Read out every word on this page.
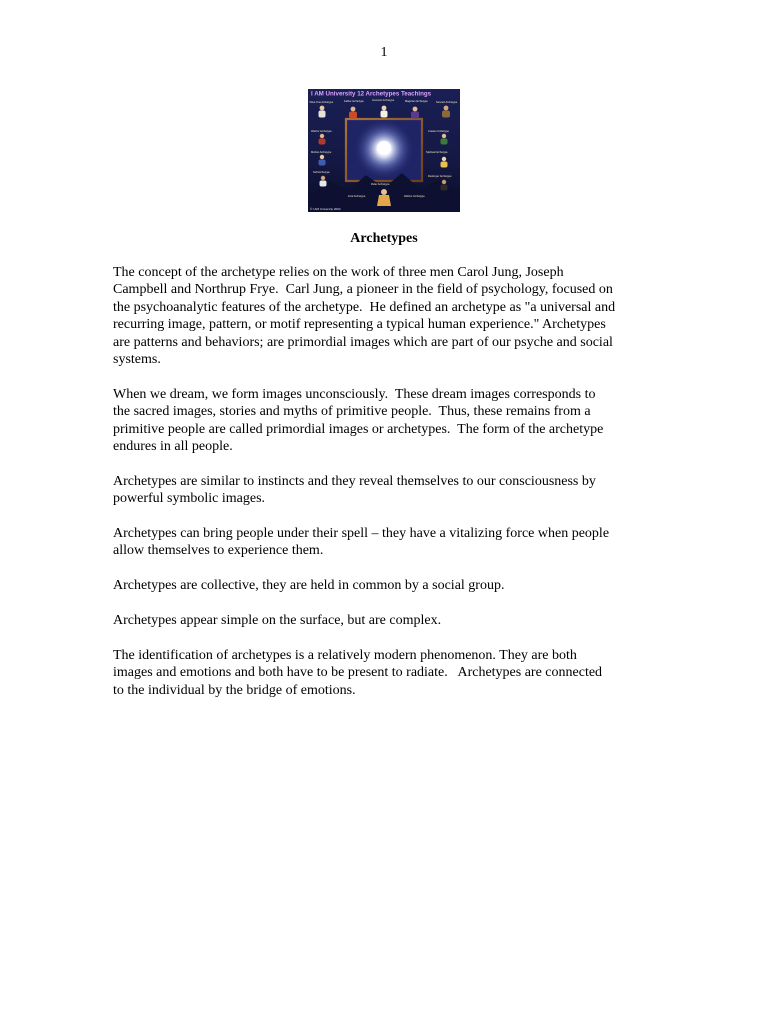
1
I AM University 12 Archetypes Teachings
Wise One Archetype	Father Archetype	Innocent Archetype	Magician Archetype	Servant Archetype
Warrior Archetype
Mother Archetype
Self Archetype
Creator Archetype
Spiritual Archetype
Destroyer Archetype
Ruler Archetype
Fool Archetype	Warrior Archetype
© I AM University 2004
Archetypes

The concept of the archetype relies on the work of three men Carol Jung, Joseph
Campbell and Northrup Frye.  Carl Jung, a pioneer in the field of psychology, focused on
the psychoanalytic features of the archetype.  He defined an archetype as "a universal and
recurring image, pattern, or motif representing a typical human experience." Archetypes
are patterns and behaviors; are primordial images which are part of our psyche and social
systems.

When we dream, we form images unconsciously.  These dream images corresponds to
the sacred images, stories and myths of primitive people.  Thus, these remains from a
primitive people are called primordial images or archetypes.  The form of the archetype
endures in all people.

Archetypes are similar to instincts and they reveal themselves to our consciousness by
powerful symbolic images.

Archetypes can bring people under their spell – they have a vitalizing force when people
allow themselves to experience them.

Archetypes are collective, they are held in common by a social group.

Archetypes appear simple on the surface, but are complex.

The identification of archetypes is a relatively modern phenomenon. They are both
images and emotions and both have to be present to radiate.   Archetypes are connected
to the individual by the bridge of emotions.
